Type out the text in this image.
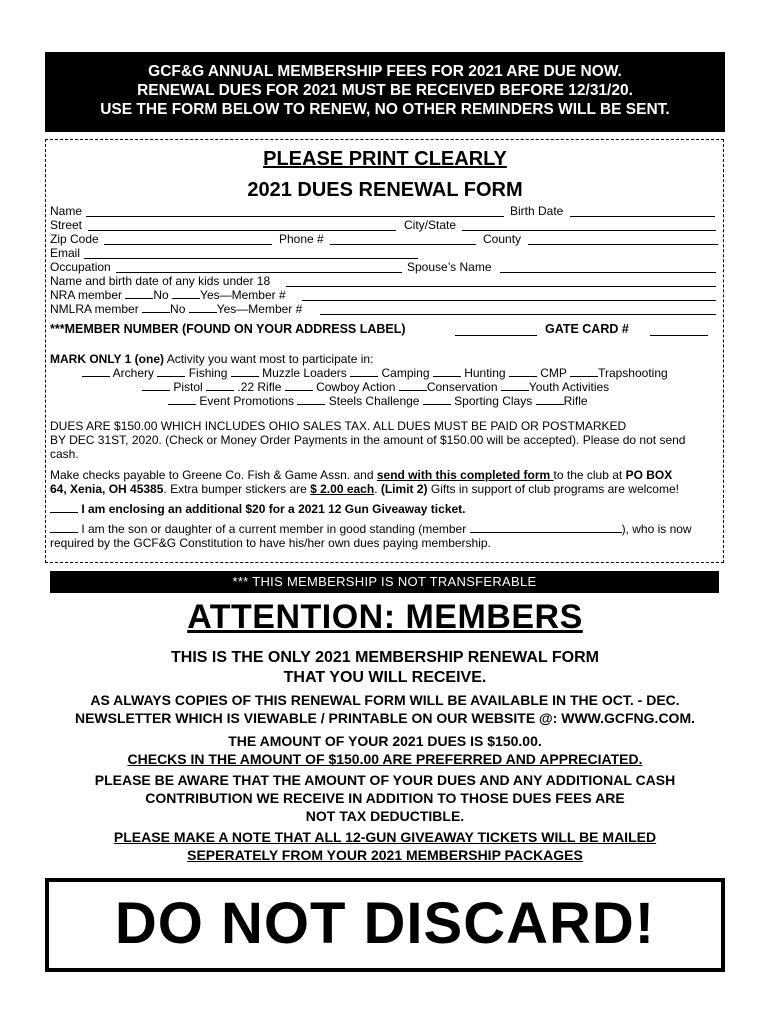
GCF&G ANNUAL MEMBERSHIP FEES FOR 2021 ARE DUE NOW.
RENEWAL DUES FOR 2021 MUST BE RECEIVED BEFORE 12/31/20.
USE THE FORM BELOW TO RENEW, NO OTHER REMINDERS WILL BE SENT.
PLEASE PRINT CLEARLY
2021 DUES RENEWAL FORM
Name	Birth Date
Street	City/State
Zip Code	Phone #	County
Email
Occupation	Spouse’s Name
Name and birth date of any kids under 18
NRA member No Yes—Member #
NMLRA member No Yes—Member #
***MEMBER NUMBER (FOUND ON YOUR ADDRESS LABEL)	GATE CARD #
MARK ONLY 1 (one) Activity you want most to participate in:
Archery	Fishing	Muzzle Loaders	Camping	Hunting	CMP	Trapshooting
Pistol	.22 Rifle	Cowboy Action	Conservation	Youth Activities
Event Promotions	Steels Challenge	Sporting Clays	Rifle
DUES ARE $150.00 WHICH INCLUDES OHIO SALES TAX. ALL DUES MUST BE PAID OR POSTMARKED
BY DEC 31ST, 2020. (Check or Money Order Payments in the amount of $150.00 will be accepted). Please do not send
cash.
Make checks payable to Greene Co. Fish & Game Assn. and send with this completed form to the club at PO BOX
64, Xenia, OH 45385. Extra bumper stickers are $ 2.00 each. (Limit 2) Gifts in support of club programs are welcome!
I am enclosing an additional $20 for a 2021 12 Gun Giveaway ticket.
I am the son or daughter of a current member in good standing (member	), who is now
required by the GCF&G Constitution to have his/her own dues paying membership.
*** THIS MEMBERSHIP IS NOT TRANSFERABLE
ATTENTION: MEMBERS
THIS IS THE ONLY 2021 MEMBERSHIP RENEWAL FORM
THAT YOU WILL RECEIVE.
AS ALWAYS COPIES OF THIS RENEWAL FORM WILL BE AVAILABLE IN THE OCT. - DEC.
NEWSLETTER WHICH IS VIEWABLE / PRINTABLE ON OUR WEBSITE @: WWW.GCFNG.COM.
THE AMOUNT OF YOUR 2021 DUES IS $150.00.
CHECKS IN THE AMOUNT OF $150.00 ARE PREFERRED AND APPRECIATED.
PLEASE BE AWARE THAT THE AMOUNT OF YOUR DUES AND ANY ADDITIONAL CASH
CONTRIBUTION WE RECEIVE IN ADDITION TO THOSE DUES FEES ARE
NOT TAX DEDUCTIBLE.
PLEASE MAKE A NOTE THAT ALL 12-GUN GIVEAWAY TICKETS WILL BE MAILED
SEPERATELY FROM YOUR 2021 MEMBERSHIP PACKAGES
DO NOT DISCARD!
